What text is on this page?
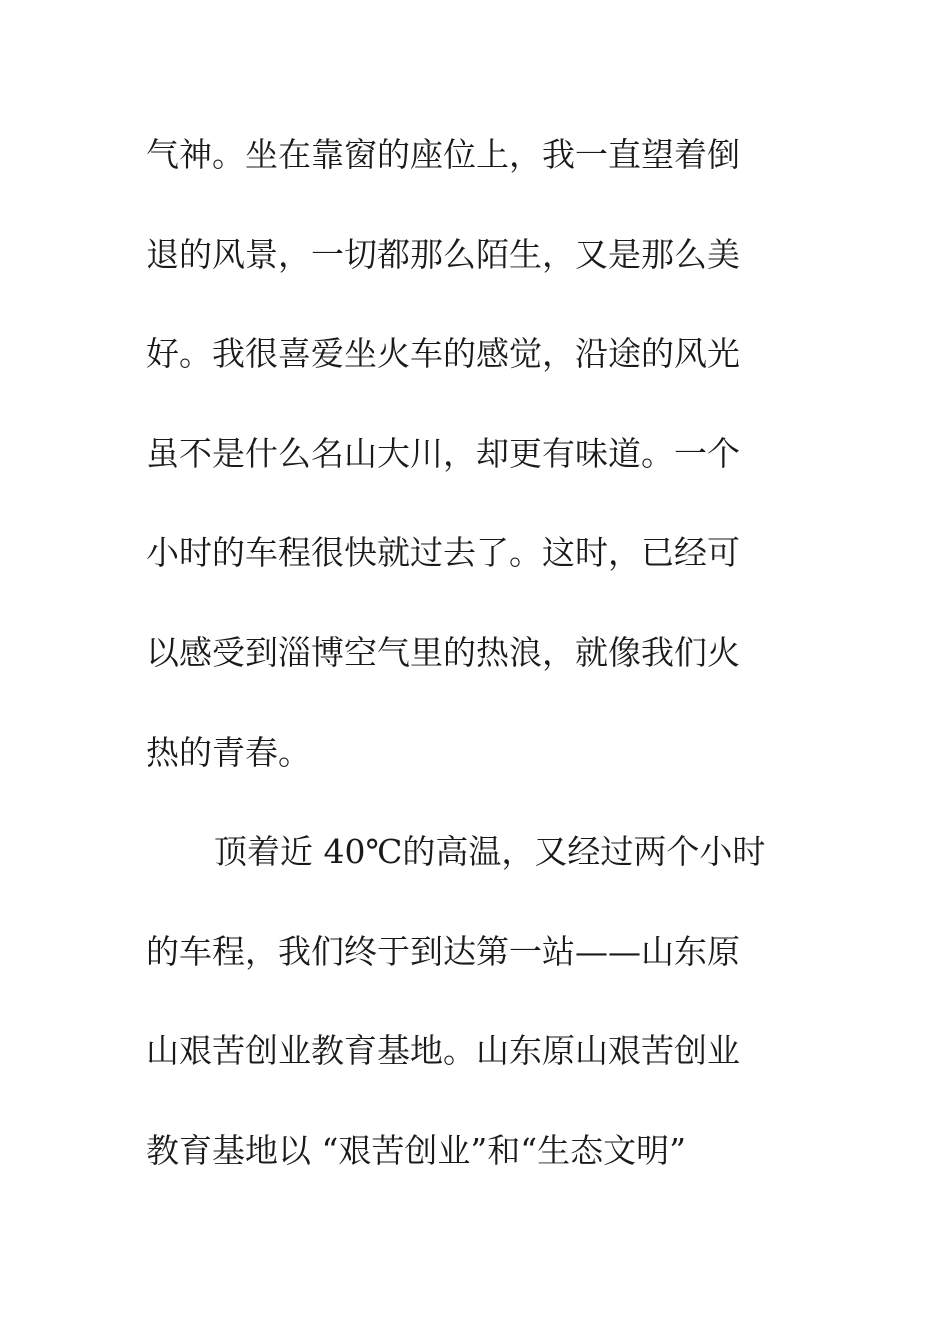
气神。坐在靠窗的座位上，我一直望着倒
退的风景，一切都那么陌生，又是那么美
好。我很喜爱坐火车的感觉，沿途的风光
虽不是什么名山大川，却更有味道。一个
小时的车程很快就过去了。这时，已经可
以感受到淄博空气里的热浪，就像我们火
热的青春。
顶着近 40℃的高温，又经过两个小时
的车程，我们终于到达第一站——山东原
山艰苦创业教育基地。山东原山艰苦创业
教育基地以 “艰苦创业”和“生态文明”
